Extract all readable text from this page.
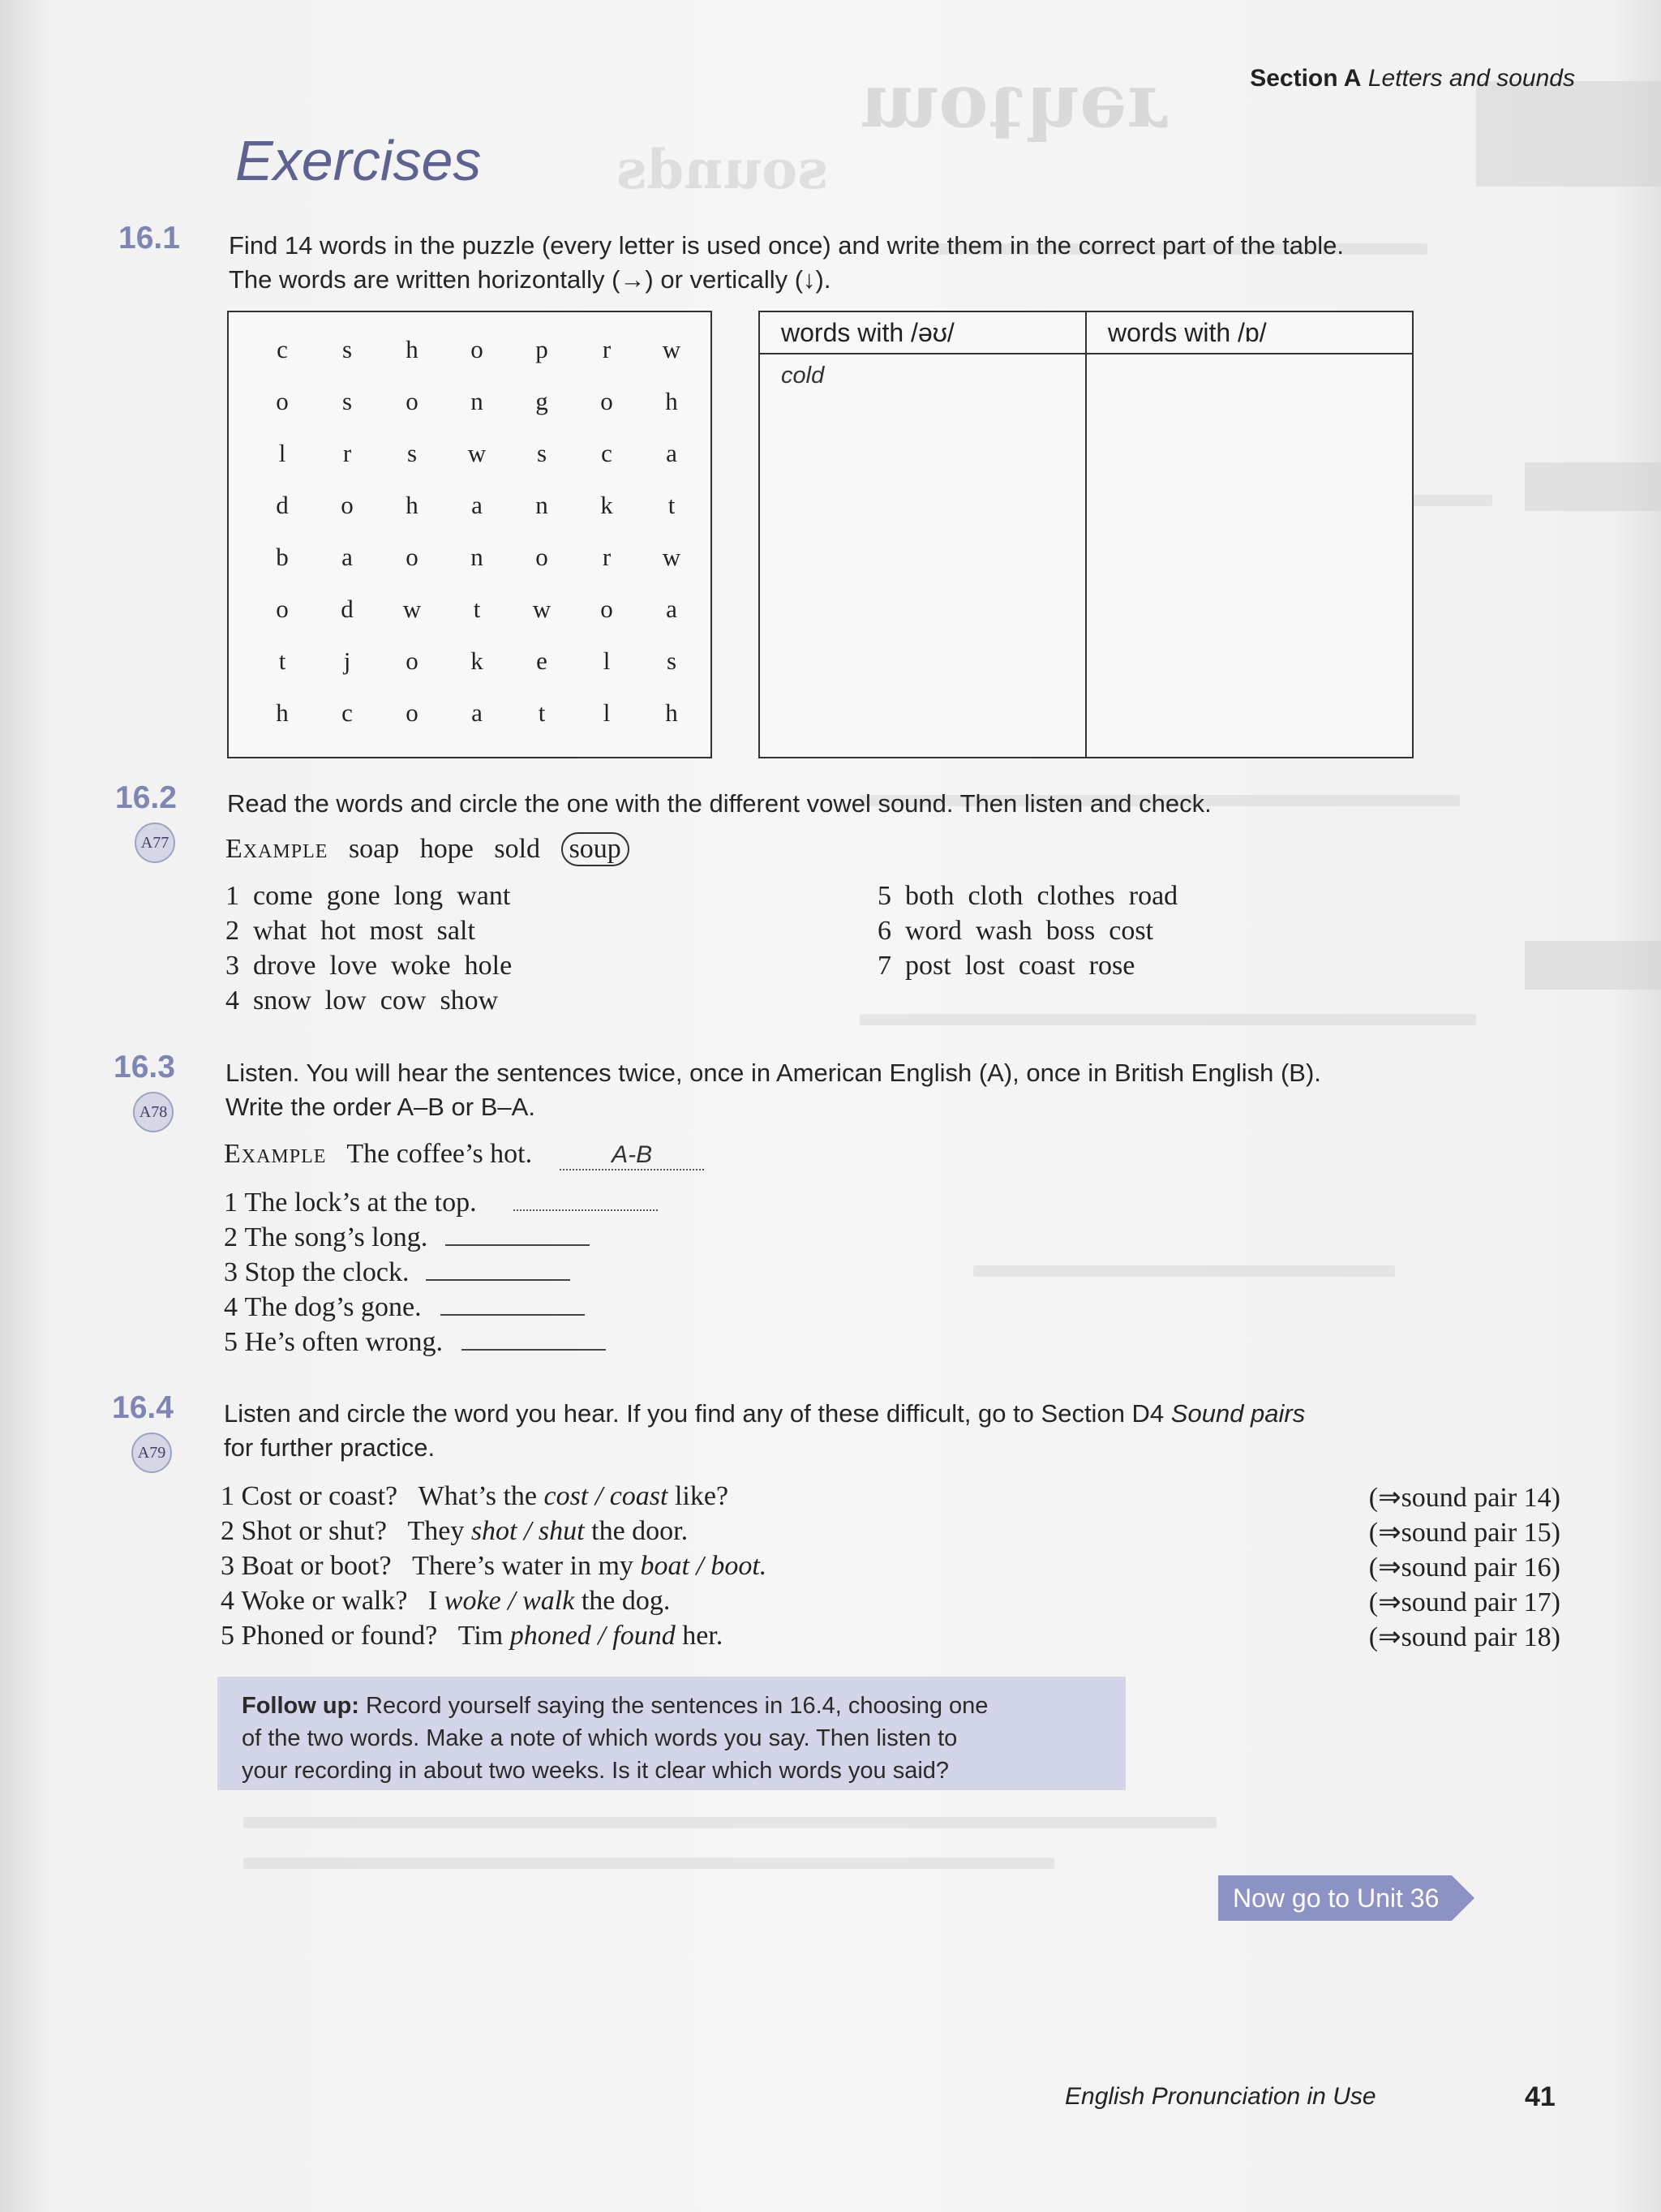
ɹǝɥʇoɯ
sounds
Section A Letters and sounds
Exercises
16.1 Find 14 words in the puzzle (every letter is used once) and write them in the correct part of the table.
The words are written horizontally (→) or vertically (↓).
c	s	h	o	p	r	w
o	s	o	n	g	o	h
l	r	s	w	s	c	a
d	o	h	a	n	k	t
b	a	o	n	o	r	w
o	d	w	t	w	o	a
t	j	o	k	e	l	s
h	c	o	a	t	l	h
words with /əʊ/
cold
words with /ɒ/
16.2 Read the words and circle the one with the different vowel sound. Then listen and check.
A77 Example soap hope sold soup
1 come gone long want
2 what hot most salt
3 drove love woke hole
4 snow low cow show
5 both cloth clothes road
6 word wash boss cost
7 post lost coast rose
16.3 Listen. You will hear the sentences twice, once in American English (A), once in British English (B).
Write the order A–B or B–A.
A78
Example The coffee’s hot.	A-B
1 The lock’s at the top.
2 The song’s long.
3 Stop the clock.
4 The dog’s gone.
5 He’s often wrong.
16.4 Listen and circle the word you hear. If you find any of these difficult, go to Section D4 Sound pairs
for further practice.
A79
1 Cost or coast? What’s the cost / coast like?	(⇒sound pair 14)
2 Shot or shut? They shot / shut the door.	(⇒sound pair 15)
3 Boat or boot? There’s water in my boat / boot.	(⇒sound pair 16)
4 Woke or walk? I woke / walk the dog.	(⇒sound pair 17)
5 Phoned or found? Tim phoned / found her.	(⇒sound pair 18)
Follow up: Record yourself saying the sentences in 16.4, choosing one
of the two words. Make a note of which words you say. Then listen to
your recording in about two weeks. Is it clear which words you said?
Now go to Unit 36
English Pronunciation in Use	41
